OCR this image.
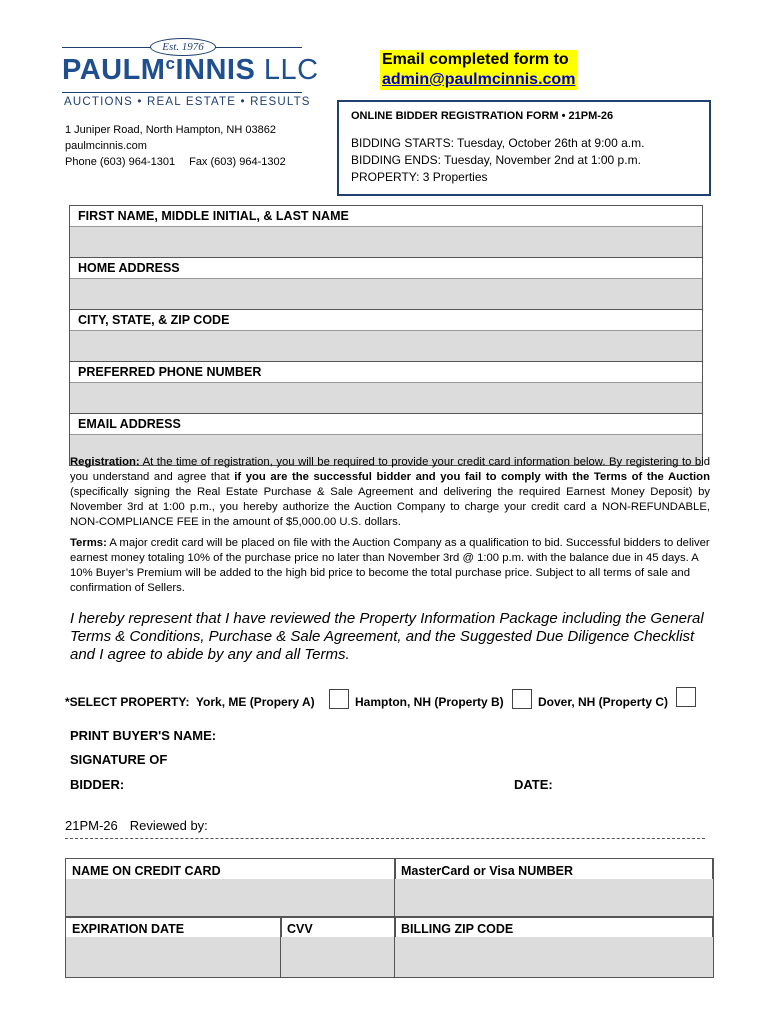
Est. 1976
PAULM$^c$INNIS LLC
AUCTIONS • REAL ESTATE • RESULTS
1 Juniper Road, North Hampton, NH 03862
paulmcinnis.com
Phone (603) 964-1301 Fax (603) 964-1302
Email completed form to
admin@paulmcinnis.com
ONLINE BIDDER REGISTRATION FORM • 21PM-26
BIDDING STARTS: Tuesday, October 26th at 9:00 a.m.
BIDDING ENDS: Tuesday, November 2nd at 1:00 p.m.
PROPERTY: 3 Properties
FIRST NAME, MIDDLE INITIAL, & LAST NAME
HOME ADDRESS
CITY, STATE, & ZIP CODE
PREFERRED PHONE NUMBER
EMAIL ADDRESS
Registration: At the time of registration, you will be required to provide your credit card information below. By registering to bid you understand and agree that if you are the successful bidder and you fail to comply with the Terms of the Auction (specifically signing the Real Estate Purchase & Sale Agreement and delivering the required Earnest Money Deposit) by November 3rd at 1:00 p.m., you hereby authorize the Auction Company to charge your credit card a NON-REFUNDABLE, NON-COMPLIANCE FEE in the amount of $5,000.00 U.S. dollars.
Terms: A major credit card will be placed on file with the Auction Company as a qualification to bid. Successful bidders to deliver earnest money totaling 10% of the purchase price no later than November 3rd @ 1:00 p.m. with the balance due in 45 days. A 10% Buyer’s Premium will be added to the high bid price to become the total purchase price. Subject to all terms of sale and confirmation of Sellers.
I hereby represent that I have reviewed the Property Information Package including the General Terms & Conditions, Purchase & Sale Agreement, and the Suggested Due Diligence Checklist and I agree to abide by any and all Terms.
*SELECT PROPERTY: York, ME (Propery A)	Hampton, NH (Property B)	Dover, NH (Property C)
PRINT BUYER'S NAME:
SIGNATURE OF
BIDDER:	DATE:
21PM-26 Reviewed by:
NAME ON CREDIT CARD	MasterCard or Visa NUMBER
EXPIRATION DATE	CVV	BILLING ZIP CODE
